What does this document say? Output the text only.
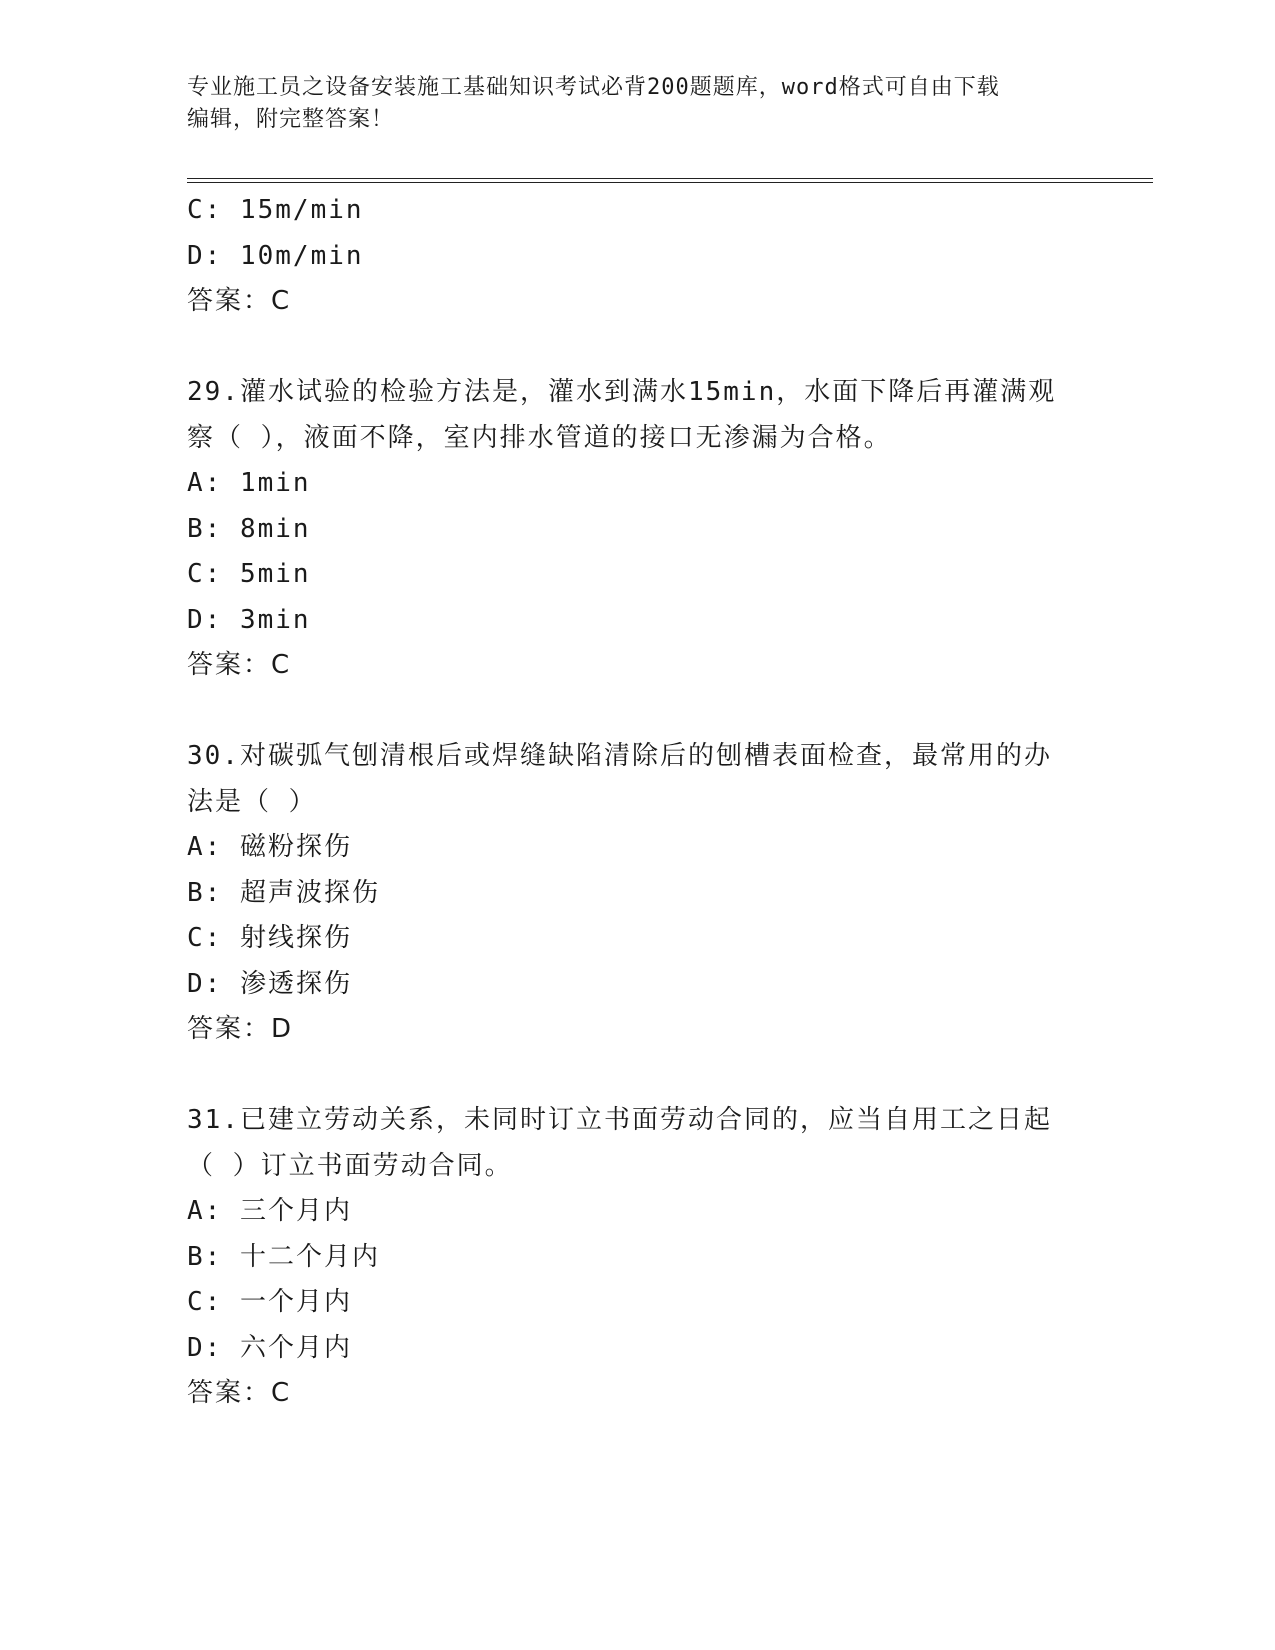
专业施工员之设备安装施工基础知识考试必背200题题库，word格式可自由下载
编辑，附完整答案！
C: 15m/min
D: 10m/min
答案：C
29.灌水试验的检验方法是，灌水到满水15min，水面下降后再灌满观
察（ ），液面不降，室内排水管道的接口无渗漏为合格。
A: 1min
B: 8min
C: 5min
D: 3min
答案：C
30.对碳弧气刨清根后或焊缝缺陷清除后的刨槽表面检查，最常用的办
法是（ ）
A: 磁粉探伤
B: 超声波探伤
C: 射线探伤
D: 渗透探伤
答案：D
31.已建立劳动关系，未同时订立书面劳动合同的，应当自用工之日起
（ ）订立书面劳动合同。
A: 三个月内
B: 十二个月内
C: 一个月内
D: 六个月内
答案：C
